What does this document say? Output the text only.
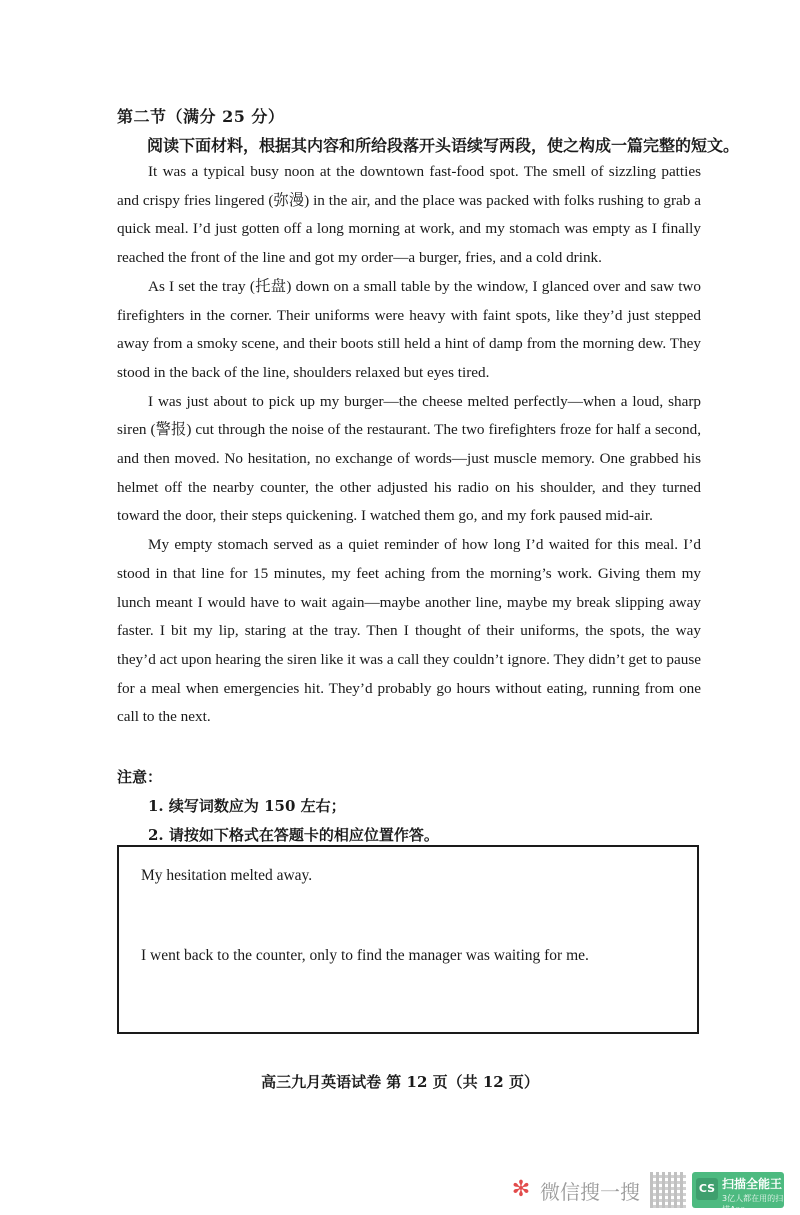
第二节（满分 25 分）
阅读下面材料，根据其内容和所给段落开头语续写两段，使之构成一篇完整的短文。

It was a typical busy noon at the downtown fast-food spot. The smell of sizzling patties and crispy fries lingered (弥漫) in the air, and the place was packed with folks rushing to grab a quick meal. I’d just gotten off a long morning at work, and my stomach was empty as I finally reached the front of the line and got my order—a burger, fries, and a cold drink.

As I set the tray (托盘) down on a small table by the window, I glanced over and saw two firefighters in the corner. Their uniforms were heavy with faint spots, like they’d just stepped away from a smoky scene, and their boots still held a hint of damp from the morning dew. They stood in the back of the line, shoulders relaxed but eyes tired.

I was just about to pick up my burger—the cheese melted perfectly—when a loud, sharp siren (警报) cut through the noise of the restaurant. The two firefighters froze for half a second, and then moved. No hesitation, no exchange of words—just muscle memory. One grabbed his helmet off the nearby counter, the other adjusted his radio on his shoulder, and they turned toward the door, their steps quickening. I watched them go, and my fork paused mid-air.

My empty stomach served as a quiet reminder of how long I’d waited for this meal. I’d stood in that line for 15 minutes, my feet aching from the morning’s work. Giving them my lunch meant I would have to wait again—maybe another line, maybe my break slipping away faster. I bit my lip, staring at the tray. Then I thought of their uniforms, the spots, the way they’d act upon hearing the siren like it was a call they couldn’t ignore. They didn’t get to pause for a meal when emergencies hit. They’d probably go hours without eating, running from one call to the next.

注意：
1. 续写词数应为 150 左右；
2. 请按如下格式在答题卡的相应位置作答。
My hesitation melted away.
I went back to the counter, only to find the manager was waiting for me.
高三九月英语试卷 第 12 页（共 12 页）
✻ 微信搜一搜	CS 扫描全能王
3亿人都在用的扫描App
